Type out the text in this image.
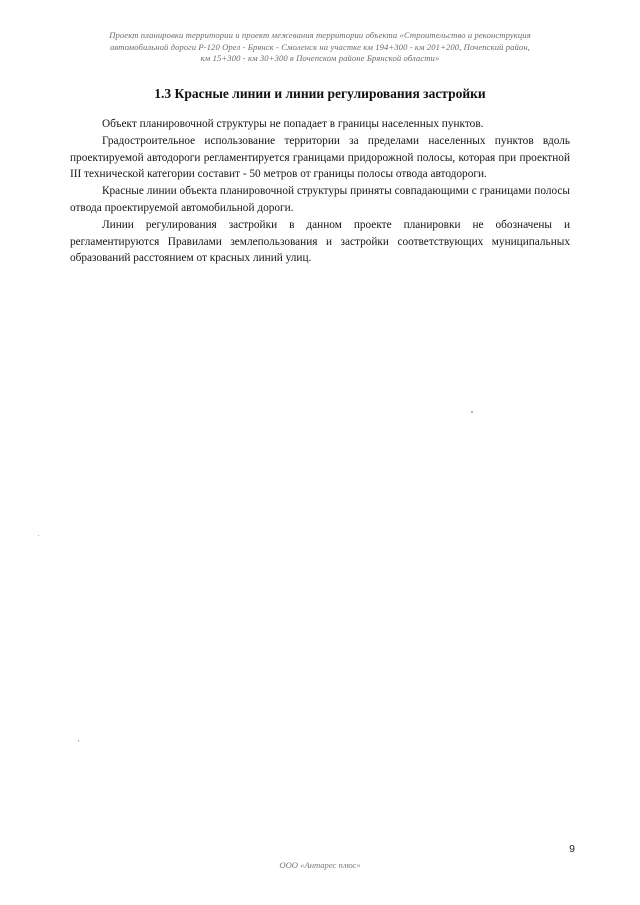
Проект планировки территории и проект межевания территории объекта «Строительство и реконструкция
автомобильной дороги Р-120 Орел - Брянск - Смоленск на участке км 194+300 - км 201+200, Почепский район,
км 15+300 - км 30+300 в Почепском районе Брянской области»
1.3 Красные линии и линии регулирования застройки

Объект планировочной структуры не попадает в границы населенных пунктов.

Градостроительное использование территории за пределами населенных пунктов вдоль проектируемой автодороги регламентируется границами придорожной полосы, которая при проектной III технической категории составит - 50 метров от границы полосы отвода автодороги.

Красные линии объекта планировочной структуры приняты совпадающими с границами полосы отвода проектируемой автомобильной дороги.

Линии регулирования застройки в данном проекте планировки не обозначены и регламентируются Правилами землепользования и застройки соответствующих муниципальных образований расстоянием от красных линий улиц.

9
ООО «Антарес плюс»
